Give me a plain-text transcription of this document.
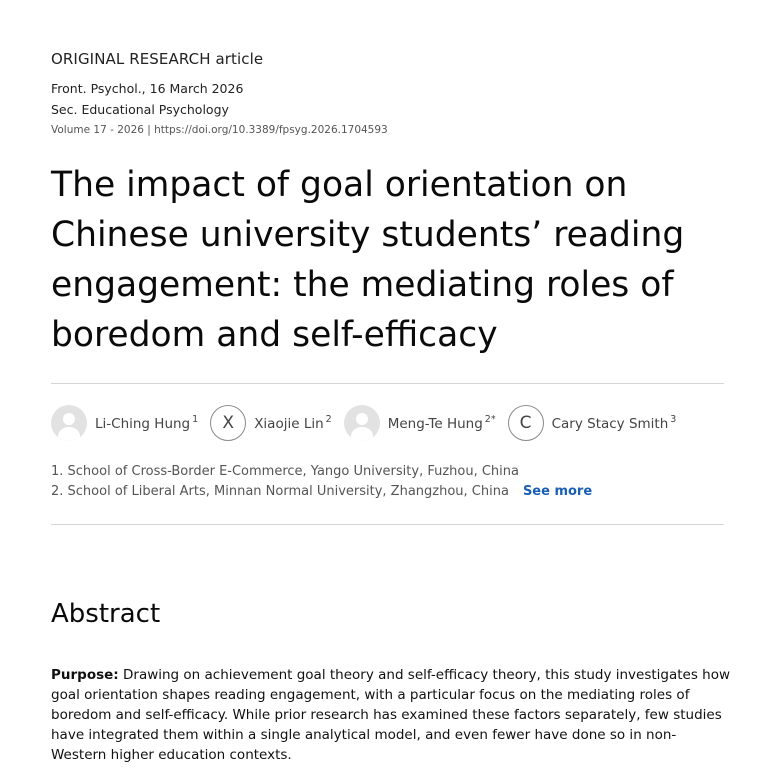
ORIGINAL RESEARCH article
Front. Psychol., 16 March 2026
Sec. Educational Psychology
Volume 17 - 2026 | https://doi.org/10.3389/fpsyg.2026.1704593
The impact of goal orientation on Chinese university students’ reading engagement: the mediating roles of boredom and self-efficacy
Li-Ching Hung $^1$	X	Xiaojie Lin $^2$	Meng-Te Hung $^{2*}$	C	Cary Stacy Smith $^3$
1. School of Cross-Border E-Commerce, Yango University, Fuzhou, China
2. School of Liberal Arts, Minnan Normal University, Zhangzhou, China See more
Abstract

Purpose: Drawing on achievement goal theory and self-efficacy theory, this study investigates how goal orientation shapes reading engagement, with a particular focus on the mediating roles of boredom and self-efficacy. While prior research has examined these factors separately, few studies have integrated them within a single analytical model, and even fewer have done so in non-Western higher education contexts.
